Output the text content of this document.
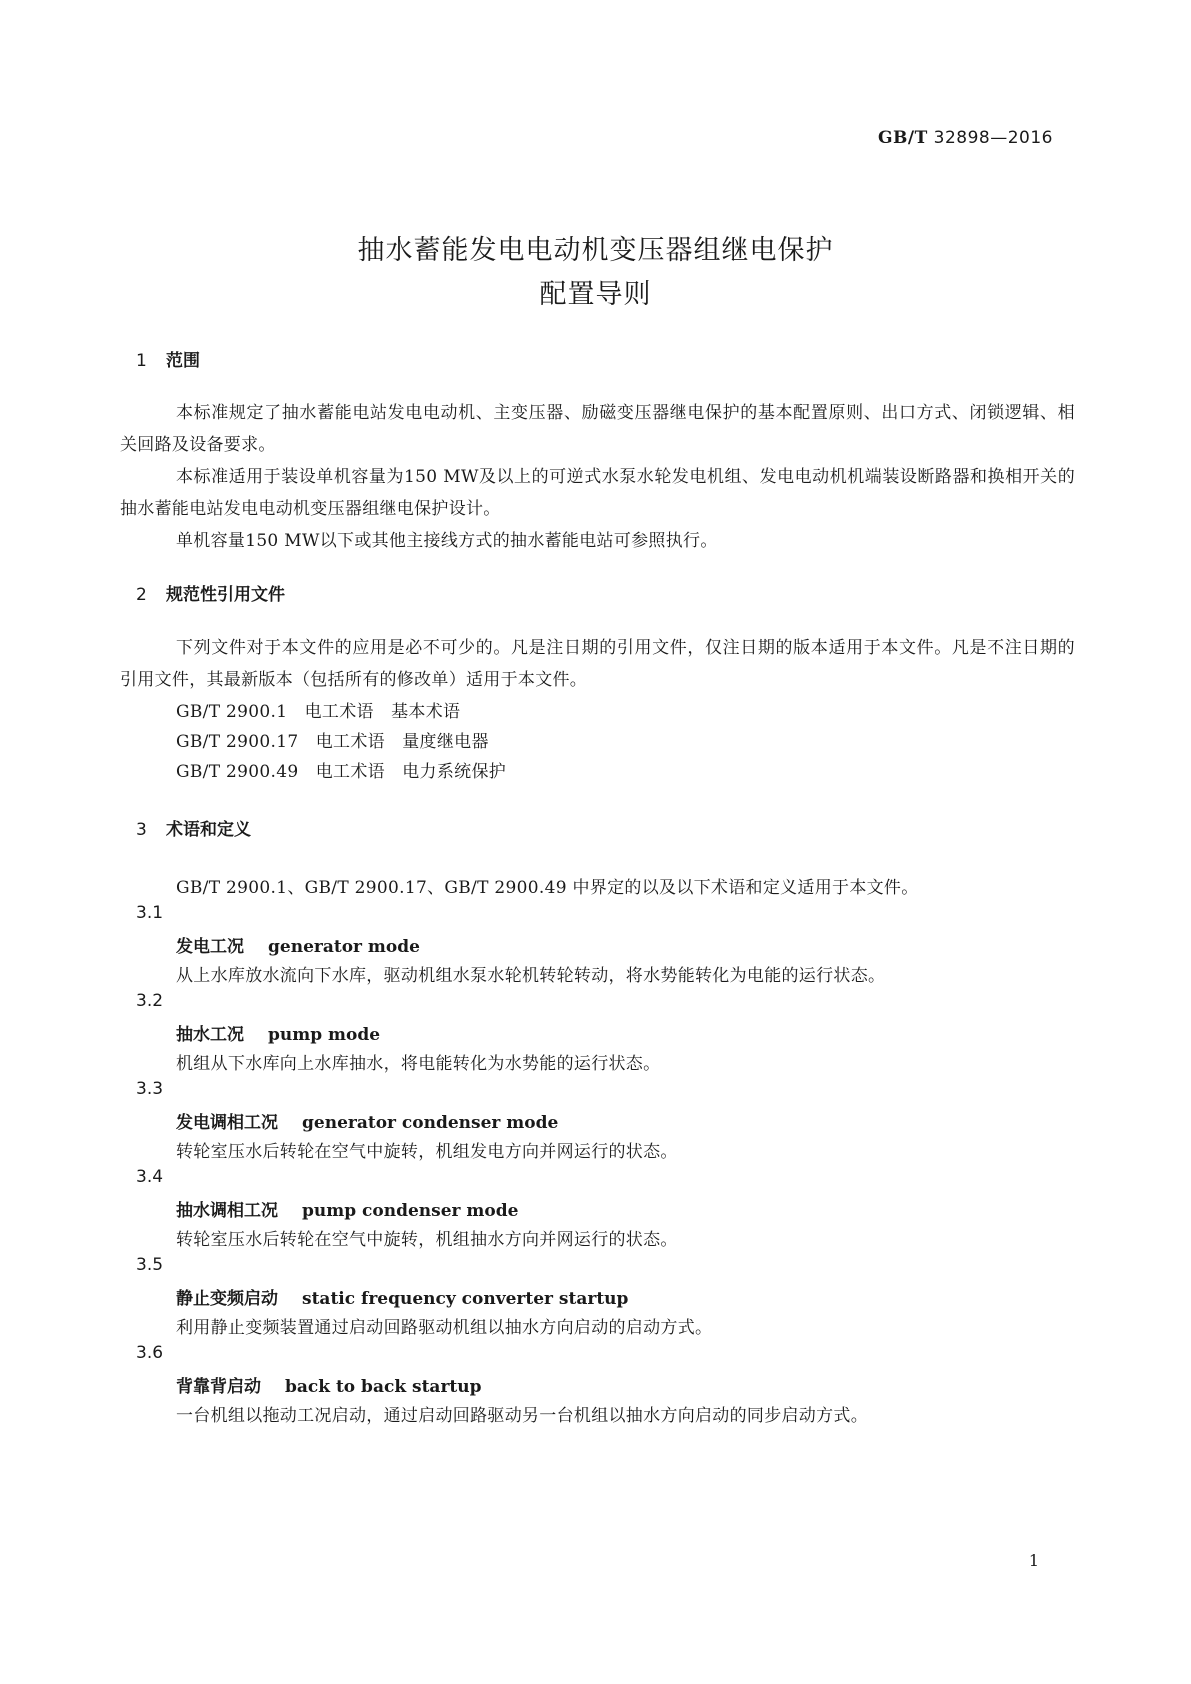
GB/T 32898—2016
抽水蓄能发电电动机变压器组继电保护
配置导则
1 范围
本标准规定了抽水蓄能电站发电电动机、主变压器、励磁变压器继电保护的基本配置原则、出口方式、闭锁逻辑、相关回路及设备要求。
本标准适用于装设单机容量为150 MW及以上的可逆式水泵水轮发电机组、发电电动机机端装设断路器和换相开关的抽水蓄能电站发电电动机变压器组继电保护设计。
单机容量150 MW以下或其他主接线方式的抽水蓄能电站可参照执行。
2 规范性引用文件
下列文件对于本文件的应用是必不可少的。凡是注日期的引用文件，仅注日期的版本适用于本文件。凡是不注日期的引用文件，其最新版本（包括所有的修改单）适用于本文件。
GB/T 2900.1　电工术语　基本术语
GB/T 2900.17　电工术语　量度继电器
GB/T 2900.49　电工术语　电力系统保护
3 术语和定义
GB/T 2900.1、GB/T 2900.17、GB/T 2900.49 中界定的以及以下术语和定义适用于本文件。
3.1
发电工况 generator mode
从上水库放水流向下水库，驱动机组水泵水轮机转轮转动，将水势能转化为电能的运行状态。
3.2
抽水工况 pump mode
机组从下水库向上水库抽水，将电能转化为水势能的运行状态。
3.3
发电调相工况 generator condenser mode
转轮室压水后转轮在空气中旋转，机组发电方向并网运行的状态。
3.4
抽水调相工况 pump condenser mode
转轮室压水后转轮在空气中旋转，机组抽水方向并网运行的状态。
3.5
静止变频启动 static frequency converter startup
利用静止变频装置通过启动回路驱动机组以抽水方向启动的启动方式。
3.6
背靠背启动 back to back startup
一台机组以拖动工况启动，通过启动回路驱动另一台机组以抽水方向启动的同步启动方式。
1
